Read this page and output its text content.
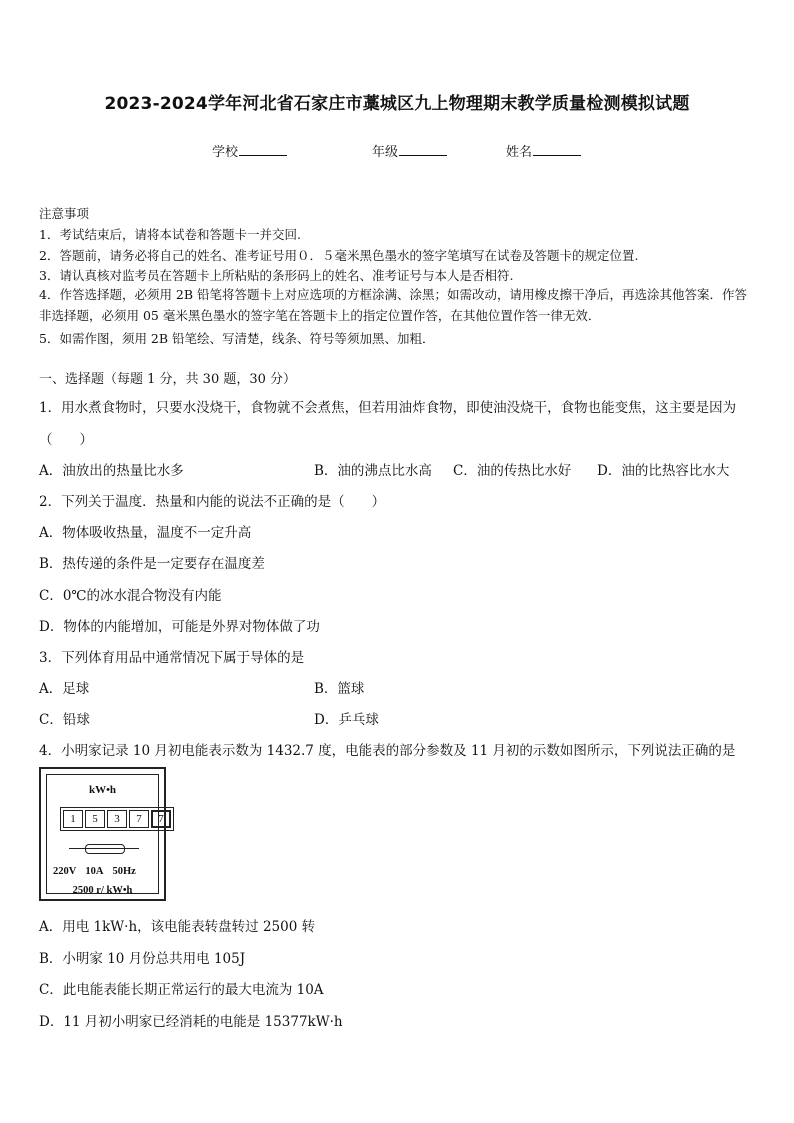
2023-2024学年河北省石家庄市藁城区九上物理期末教学质量检测模拟试题
学校	年级	姓名
注意事项
1．考试结束后，请将本试卷和答题卡一并交回.
2．答题前，请务必将自己的姓名、准考证号用０．５毫米黑色墨水的签字笔填写在试卷及答题卡的规定位置.
3．请认真核对监考员在答题卡上所粘贴的条形码上的姓名、准考证号与本人是否相符.
4．作答选择题，必须用 2B 铅笔将答题卡上对应选项的方框涂满、涂黑；如需改动，请用橡皮擦干净后，再选涂其他答案．作答非选择题，必须用 05 毫米黑色墨水的签字笔在答题卡上的指定位置作答，在其他位置作答一律无效．
5．如需作图，须用 2B 铅笔绘、写清楚，线条、符号等须加黑、加粗．
一、选择题（每题 1 分，共 30 题，30 分）
1．用水煮食物时，只要水没烧干，食物就不会煮焦，但若用油炸食物，即使油没烧干，食物也能变焦，这主要是因为
（　　）
A．油放出的热量比水多	B．油的沸点比水高 C．油的传热比水好 D．油的比热容比水大
2．下列关于温度．热量和内能的说法不正确的是（　　）
A．物体吸收热量，温度不一定升高
B．热传递的条件是一定要存在温度差
C．0℃的冰水混合物没有内能
D．物体的内能增加，可能是外界对物体做了功
3．下列体育用品中通常情况下属于导体的是
A．足球	B．篮球
C．铅球	D．乒乓球
4．小明家记录 10 月初电能表示数为 1432.7 度，电能表的部分参数及 11 月初的示数如图所示，下列说法正确的是
kW•h
1	5	3	7	7
220V 10A 50Hz
2500 r/ kW•h
A．用电 1kW·h，该电能表转盘转过 2500 转
B．小明家 10 月份总共用电 105J
C．此电能表能长期正常运行的最大电流为 10A
D．11 月初小明家已经消耗的电能是 15377kW·h
